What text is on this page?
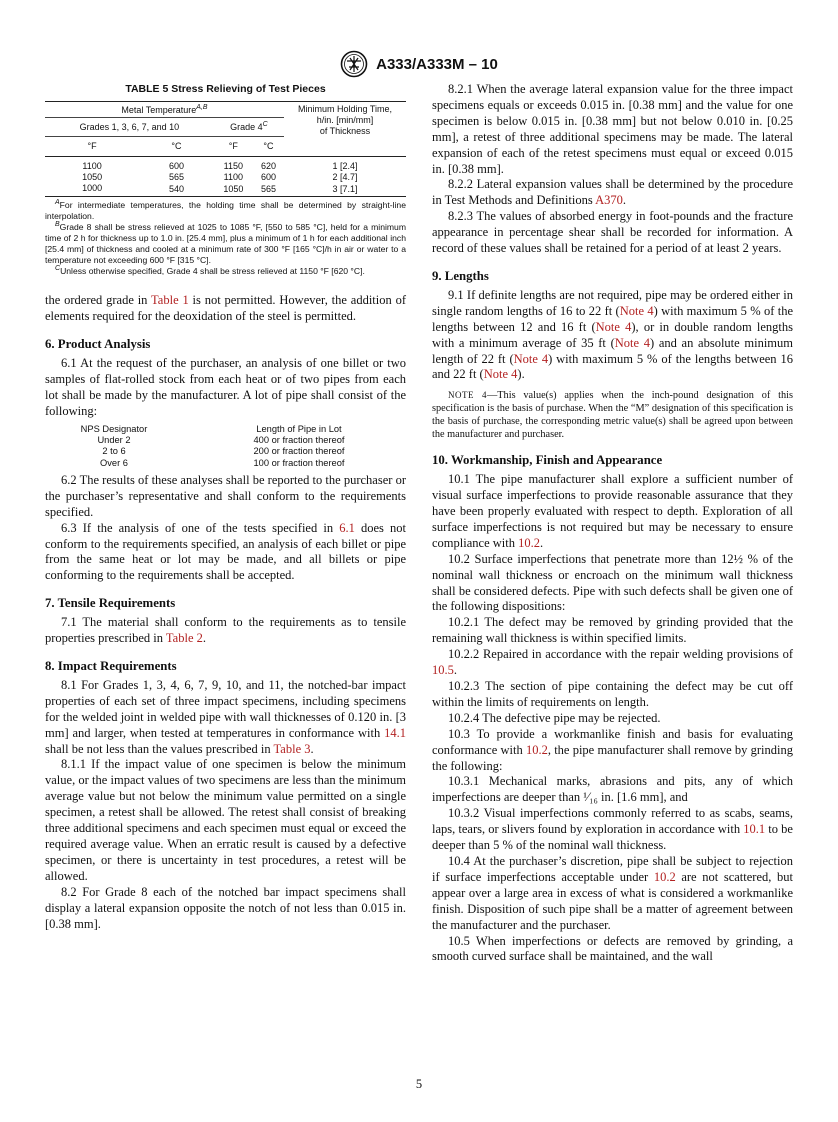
A333/A333M – 10
TABLE 5 Stress Relieving of Test Pieces
Metal Temperature$^{A,B}$				Minimum Holding Time,
h/in. [min/mm]
of Thickness

Grades 1, 3, 6, 7, and 10		Grade $4^C$
°F	°C	°F	°C	

1100	600	1150	620	1 [2.4]
1050	565	1100	600	2 [4.7]
1000	540	1050	565	3 [7.1]
$^A$For intermediate temperatures, the holding time shall be determined by straight-line interpolation.
$^B$Grade 8 shall be stress relieved at 1025 to 1085 °F, [550 to 585 °C], held for a minimum time of 2 h for thickness up to 1.0 in. [25.4 mm], plus a minimum of 1 h for each additional inch [25.4 mm] of thickness and cooled at a minimum rate of 300 °F [165 °C]/h in air or water to a temperature not exceeding 600 °F [315 °C].
$^C$Unless otherwise specified, Grade 4 shall be stress relieved at 1150 °F [620 °C].

the ordered grade in Table 1 is not permitted. However, the addition of elements required for the deoxidation of the steel is permitted.

6. Product Analysis

6.1 At the request of the purchaser, an analysis of one billet or two samples of flat-rolled stock from each heat or of two pipes from each lot shall be made by the manufacturer. A lot of pipe shall consist of the following:

NPS Designator	Length of Pipe in Lot
Under 2	400 or fraction thereof
2 to 6	200 or fraction thereof
Over 6	100 or fraction thereof

6.2 The results of these analyses shall be reported to the purchaser or the purchaser’s representative and shall conform to the requirements specified.

6.3 If the analysis of one of the tests specified in 6.1 does not conform to the requirements specified, an analysis of each billet or pipe from the same heat or lot may be made, and all billets or pipe conforming to the requirements shall be accepted.

7. Tensile Requirements

7.1 The material shall conform to the requirements as to tensile properties prescribed in Table 2.

8. Impact Requirements

8.1 For Grades 1, 3, 4, 6, 7, 9, 10, and 11, the notched-bar impact properties of each set of three impact specimens, including specimens for the welded joint in welded pipe with wall thicknesses of 0.120 in. [3 mm] and larger, when tested at temperatures in conformance with 14.1 shall be not less than the values prescribed in Table 3.

8.1.1 If the impact value of one specimen is below the minimum value, or the impact values of two specimens are less than the minimum average value but not below the minimum value permitted on a single specimen, a retest shall be allowed. The retest shall consist of breaking three additional specimens and each specimen must equal or exceed the required average value. When an erratic result is caused by a defective specimen, or there is uncertainty in test procedures, a retest will be allowed.

8.2 For Grade 8 each of the notched bar impact specimens shall display a lateral expansion opposite the notch of not less than 0.015 in. [0.38 mm].

8.2.1 When the average lateral expansion value for the three impact specimens equals or exceeds 0.015 in. [0.38 mm] and the value for one specimen is below 0.015 in. [0.38 mm] but not below 0.010 in. [0.25 mm], a retest of three additional specimens may be made. The lateral expansion of each of the retest specimens must equal or exceed 0.015 in. [0.38 mm].

8.2.2 Lateral expansion values shall be determined by the procedure in Test Methods and Definitions A370.

8.2.3 The values of absorbed energy in foot-pounds and the fracture appearance in percentage shear shall be recorded for information. A record of these values shall be retained for a period of at least 2 years.

9. Lengths

9.1 If definite lengths are not required, pipe may be ordered either in single random lengths of 16 to 22 ft (Note 4) with maximum 5 % of the lengths between 12 and 16 ft (Note 4), or in double random lengths with a minimum average of 35 ft (Note 4) and an absolute minimum length of 22 ft (Note 4) with maximum 5 % of the lengths between 16 and 22 ft (Note 4).

NOTE 4—This value(s) applies when the inch-pound designation of this specification is the basis of purchase. When the “M” designation of this specification is the basis of purchase, the corresponding metric value(s) shall be agreed upon between the manufacturer and purchaser.

10. Workmanship, Finish and Appearance

10.1 The pipe manufacturer shall explore a sufficient number of visual surface imperfections to provide reasonable assurance that they have been properly evaluated with respect to depth. Exploration of all surface imperfections is not required but may be necessary to ensure compliance with 10.2.

10.2 Surface imperfections that penetrate more than 12½ % of the nominal wall thickness or encroach on the minimum wall thickness shall be considered defects. Pipe with such defects shall be given one of the following dispositions:

10.2.1 The defect may be removed by grinding provided that the remaining wall thickness is within specified limits.

10.2.2 Repaired in accordance with the repair welding provisions of 10.5.

10.2.3 The section of pipe containing the defect may be cut off within the limits of requirements on length.

10.2.4 The defective pipe may be rejected.

10.3 To provide a workmanlike finish and basis for evaluating conformance with 10.2, the pipe manufacturer shall remove by grinding the following:

10.3.1 Mechanical marks, abrasions and pits, any of which imperfections are deeper than ¹⁄₁₆ in. [1.6 mm], and

10.3.2 Visual imperfections commonly referred to as scabs, seams, laps, tears, or slivers found by exploration in accordance with 10.1 to be deeper than 5 % of the nominal wall thickness.

10.4 At the purchaser’s discretion, pipe shall be subject to rejection if surface imperfections acceptable under 10.2 are not scattered, but appear over a large area in excess of what is considered a workmanlike finish. Disposition of such pipe shall be a matter of agreement between the manufacturer and the purchaser.

10.5 When imperfections or defects are removed by grinding, a smooth curved surface shall be maintained, and the wall

5
